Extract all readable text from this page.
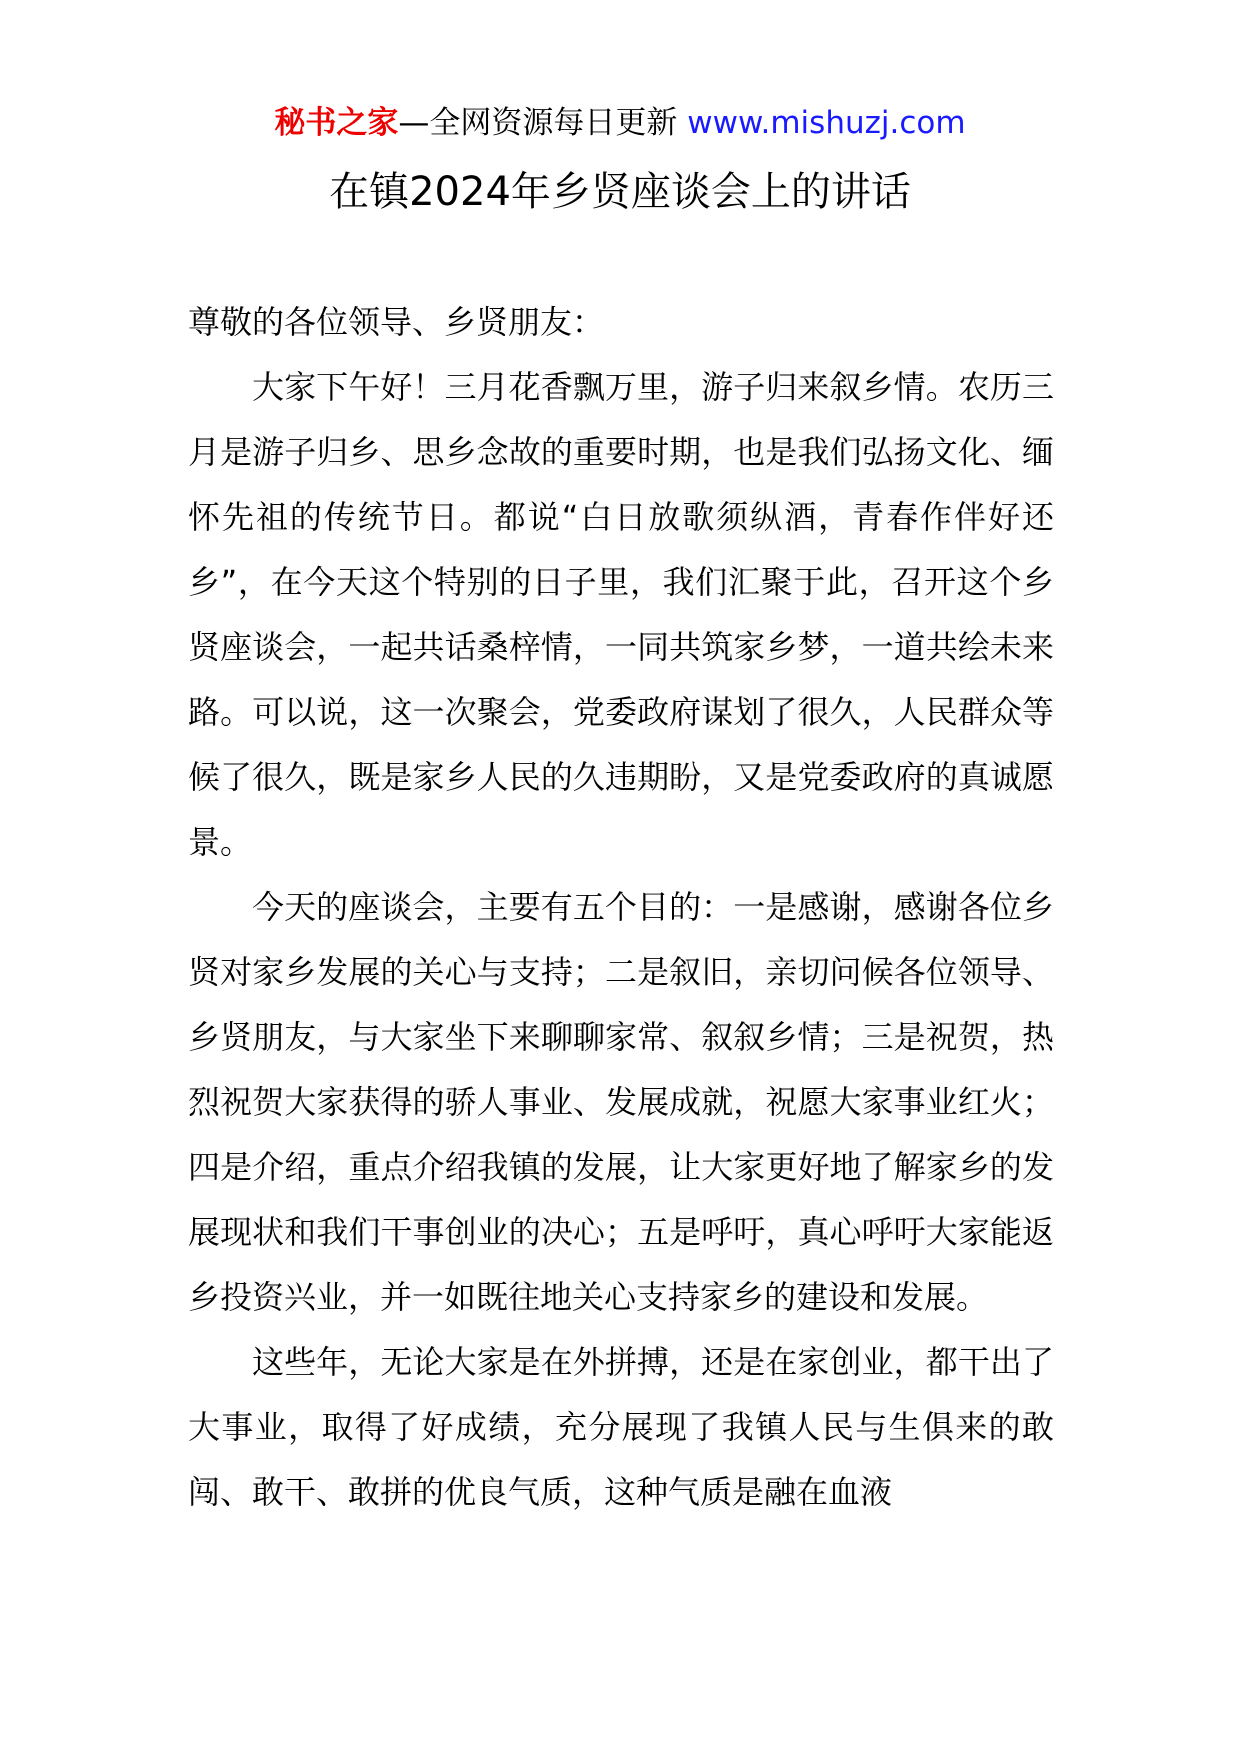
秘书之家—全网资源每日更新 www.mishuzj.com
在镇2024年乡贤座谈会上的讲话

尊敬的各位领导、乡贤朋友：

大家下午好！三月花香飘万里，游子归来叙乡情。农历三月是游子归乡、思乡念故的重要时期，也是我们弘扬文化、缅怀先祖的传统节日。都说“白日放歌须纵酒，青春作伴好还乡”，在今天这个特别的日子里，我们汇聚于此，召开这个乡贤座谈会，一起共话桑梓情，一同共筑家乡梦，一道共绘未来路。可以说，这一次聚会，党委政府谋划了很久，人民群众等候了很久，既是家乡人民的久违期盼，又是党委政府的真诚愿景。

今天的座谈会，主要有五个目的：一是感谢，感谢各位乡贤对家乡发展的关心与支持；二是叙旧，亲切问候各位领导、乡贤朋友，与大家坐下来聊聊家常、叙叙乡情；三是祝贺，热烈祝贺大家获得的骄人事业、发展成就，祝愿大家事业红火；四是介绍，重点介绍我镇的发展，让大家更好地了解家乡的发展现状和我们干事创业的决心；五是呼吁，真心呼吁大家能返乡投资兴业，并一如既往地关心支持家乡的建设和发展。

这些年，无论大家是在外拼搏，还是在家创业，都干出了大事业，取得了好成绩，充分展现了我镇人民与生俱来的敢闯、敢干、敢拼的优良气质，这种气质是融在血液
